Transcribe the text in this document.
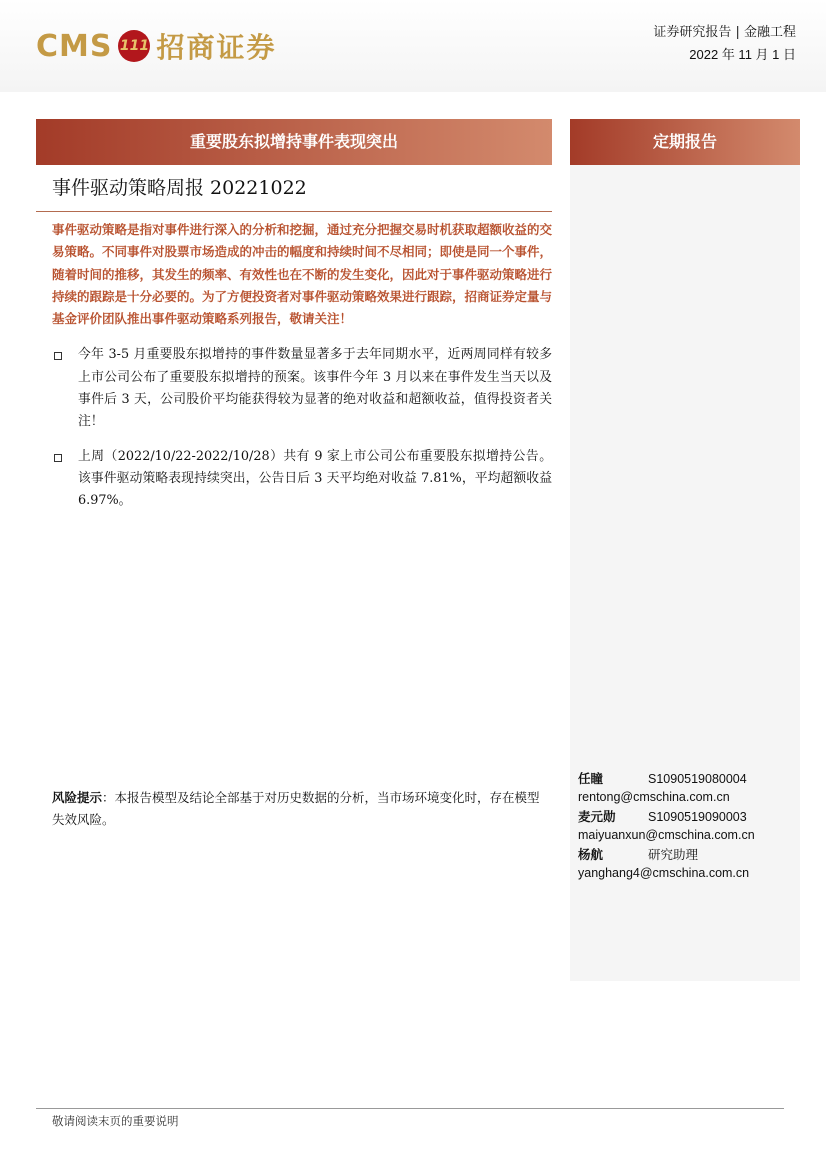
CMS 111 招商证券	证券研究报告 | 金融工程
2022 年 11 月 1 日
重要股东拟增持事件表现突出
事件驱动策略周报 20221022
事件驱动策略是指对事件进行深入的分析和挖掘，通过充分把握交易时机获取超额收益的交易策略。不同事件对股票市场造成的冲击的幅度和持续时间不尽相同；即使是同一个事件，随着时间的推移，其发生的频率、有效性也在不断的发生变化，因此对于事件驱动策略进行持续的跟踪是十分必要的。为了方便投资者对事件驱动策略效果进行跟踪，招商证券定量与基金评价团队推出事件驱动策略系列报告，敬请关注！
今年 3-5 月重要股东拟增持的事件数量显著多于去年同期水平，近两周同样有较多上市公司公布了重要股东拟增持的预案。该事件今年 3 月以来在事件发生当天以及事件后 3 天，公司股价平均能获得较为显著的绝对收益和超额收益，值得投资者关注！
上周（2022/10/22-2022/10/28）共有 9 家上市公司公布重要股东拟增持公告。该事件驱动策略表现持续突出，公告日后 3 天平均绝对收益 7.81%，平均超额收益 6.97%。
风险提示：本报告模型及结论全部基于对历史数据的分析，当市场环境变化时，存在模型失效风险。
定期报告
任瞳	S1090519080004
rentong@cmschina.com.cn
麦元勋	S1090519090003
maiyuanxun@cmschina.com.cn
杨航	研究助理
yanghang4@cmschina.com.cn
敬请阅读末页的重要说明
